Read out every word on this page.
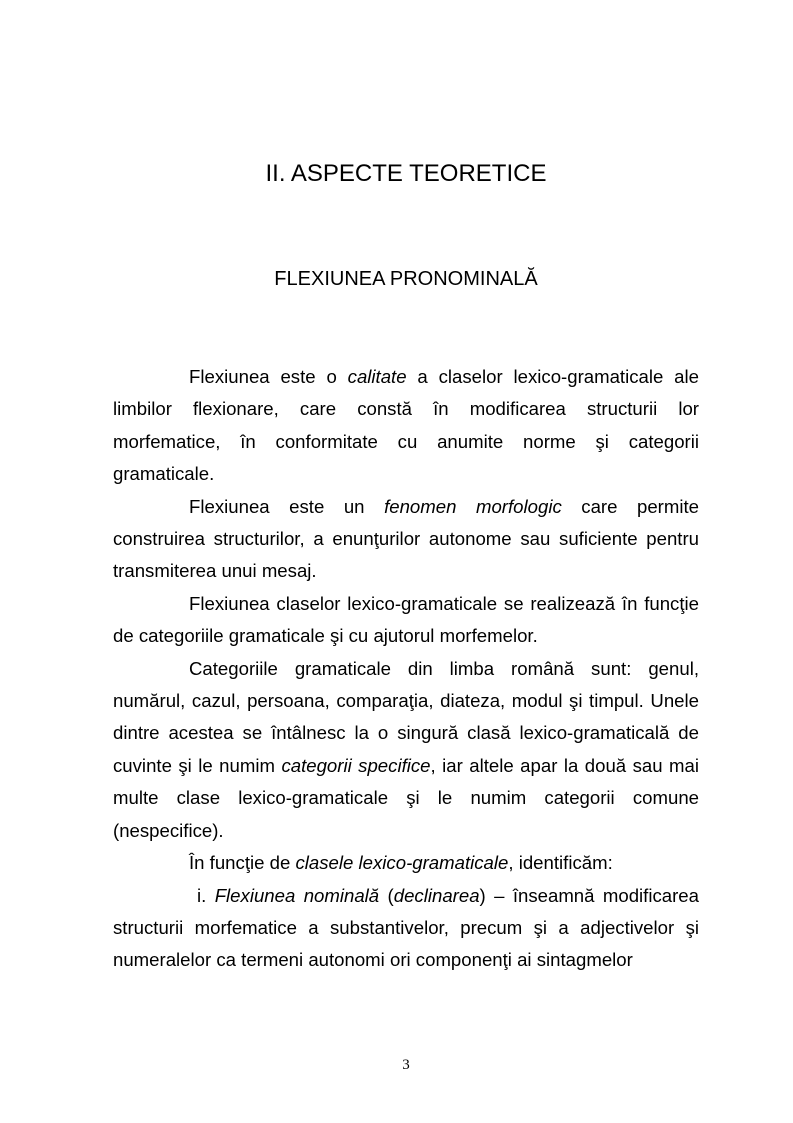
II. ASPECTE TEORETICE
FLEXIUNEA PRONOMINALĂ

Flexiunea este o calitate a claselor lexico-gramaticale ale limbilor flexionare, care constă în modificarea structurii lor morfematice, în conformitate cu anumite norme şi categorii gramaticale.

Flexiunea este un fenomen morfologic care permite construirea structurilor, a enunţurilor autonome sau suficiente pentru transmiterea unui mesaj.

Flexiunea claselor lexico-gramaticale se realizează în funcţie de categoriile gramaticale şi cu ajutorul morfemelor.

Categoriile gramaticale din limba română sunt: genul, numărul, cazul, persoana, comparaţia, diateza, modul şi timpul. Unele dintre acestea se întâlnesc la o singură clasă lexico-gramaticală de cuvinte şi le numim categorii specifice, iar altele apar la două sau mai multe clase lexico-gramaticale şi le numim categorii comune (nespecifice).

În funcţie de clasele lexico-gramaticale, identificăm:

i. Flexiunea nominală (declinarea) – înseamnă modificarea structurii morfematice a substantivelor, precum şi a adjectivelor şi numeralelor ca termeni autonomi ori componenţi ai sintagmelor

3
